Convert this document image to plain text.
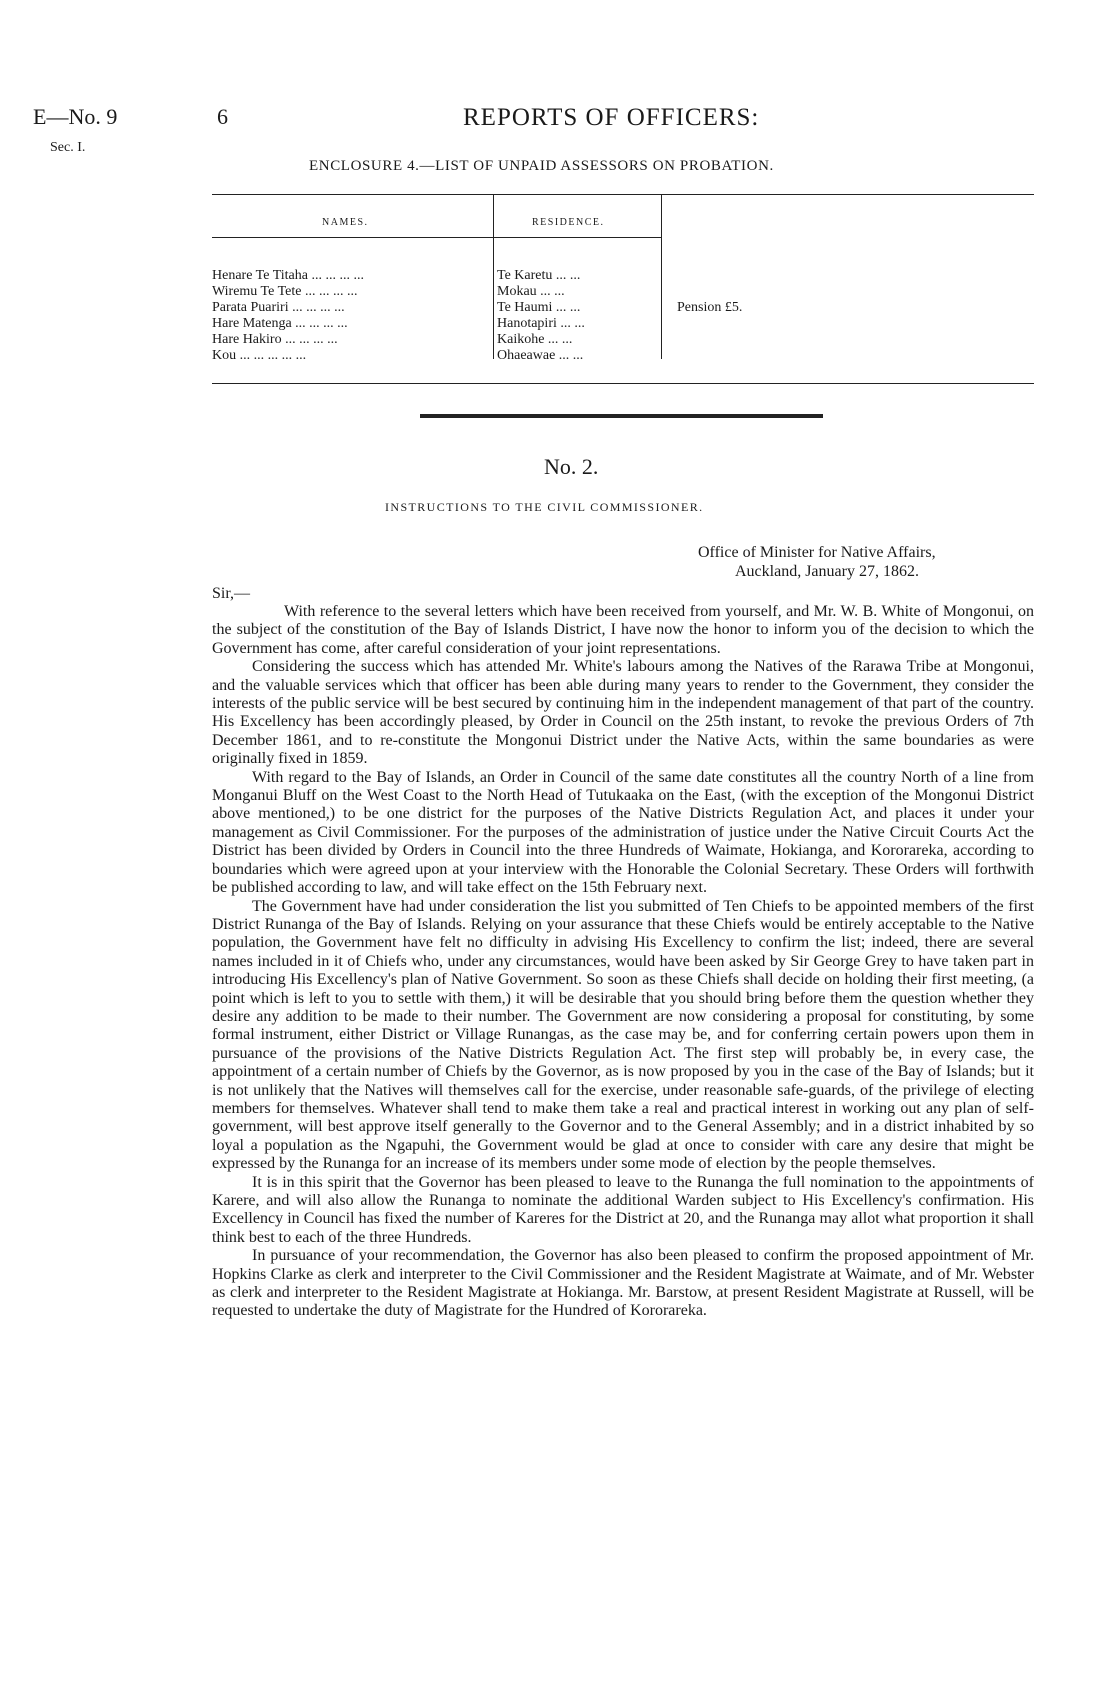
E—No. 9
Sec. I.
6	REPORTS OF OFFICERS:
ENCLOSURE 4.—LIST OF UNPAID ASSESSORS ON PROBATION.
NAMES.	RESIDENCE.
Henare Te Titaha ... ... ... ...	Te Karetu ... ...
Wiremu Te Tete ... ... ... ...	Mokau ... ...
Parata Puariri ... ... ... ...	Te Haumi ... ...
Hare Matenga ... ... ... ...	Hanotapiri ... ...
Hare Hakiro ... ... ... ...	Kaikohe ... ...
Kou ... ... ... ... ...	Ohaeawae ... ...
Pension £5.
No. 2.
INSTRUCTIONS TO THE CIVIL COMMISSIONER.
Office of Minister for Native Affairs,
Auckland, January 27, 1862.
Sir,—

With reference to the several letters which have been received from yourself, and Mr. W. B. White of Mongonui, on the subject of the constitution of the Bay of Islands District, I have now the honor to inform you of the decision to which the Government has come, after careful consideration of your joint representations.

Considering the success which has attended Mr. White's labours among the Natives of the Rarawa Tribe at Mongonui, and the valuable services which that officer has been able during many years to render to the Government, they consider the interests of the public service will be best secured by continuing him in the independent management of that part of the country. His Excellency has been accordingly pleased, by Order in Council on the 25th instant, to revoke the previous Orders of 7th December 1861, and to re-constitute the Mongonui District under the Native Acts, within the same boundaries as were originally fixed in 1859.

With regard to the Bay of Islands, an Order in Council of the same date constitutes all the country North of a line from Monganui Bluff on the West Coast to the North Head of Tutukaaka on the East, (with the exception of the Mongonui District above mentioned,) to be one district for the purposes of the Native Districts Regulation Act, and places it under your management as Civil Commissioner. For the purposes of the administration of justice under the Native Circuit Courts Act the District has been divided by Orders in Council into the three Hundreds of Waimate, Hokianga, and Kororareka, according to boundaries which were agreed upon at your interview with the Honorable the Colonial Secretary. These Orders will forthwith be published according to law, and will take effect on the 15th February next.

The Government have had under consideration the list you submitted of Ten Chiefs to be appointed members of the first District Runanga of the Bay of Islands. Relying on your assurance that these Chiefs would be entirely acceptable to the Native population, the Government have felt no difficulty in advising His Excellency to confirm the list; indeed, there are several names included in it of Chiefs who, under any circumstances, would have been asked by Sir George Grey to have taken part in introducing His Excellency's plan of Native Government. So soon as these Chiefs shall decide on holding their first meeting, (a point which is left to you to settle with them,) it will be desirable that you should bring before them the question whether they desire any addition to be made to their number. The Government are now considering a proposal for constituting, by some formal instrument, either District or Village Runangas, as the case may be, and for conferring certain powers upon them in pursuance of the provisions of the Native Districts Regulation Act. The first step will probably be, in every case, the appointment of a certain number of Chiefs by the Governor, as is now proposed by you in the case of the Bay of Islands; but it is not unlikely that the Natives will themselves call for the exercise, under reasonable safe-guards, of the privilege of electing members for themselves. Whatever shall tend to make them take a real and practical interest in working out any plan of self-government, will best approve itself generally to the Governor and to the General Assembly; and in a district inhabited by so loyal a population as the Ngapuhi, the Government would be glad at once to consider with care any desire that might be expressed by the Runanga for an increase of its members under some mode of election by the people themselves.

It is in this spirit that the Governor has been pleased to leave to the Runanga the full nomination to the appointments of Karere, and will also allow the Runanga to nominate the additional Warden subject to His Excellency's confirmation. His Excellency in Council has fixed the number of Kareres for the District at 20, and the Runanga may allot what proportion it shall think best to each of the three Hundreds.

In pursuance of your recommendation, the Governor has also been pleased to confirm the proposed appointment of Mr. Hopkins Clarke as clerk and interpreter to the Civil Commissioner and the Resident Magistrate at Waimate, and of Mr. Webster as clerk and interpreter to the Resident Magistrate at Hokianga. Mr. Barstow, at present Resident Magistrate at Russell, will be requested to undertake the duty of Magistrate for the Hundred of Kororareka.
